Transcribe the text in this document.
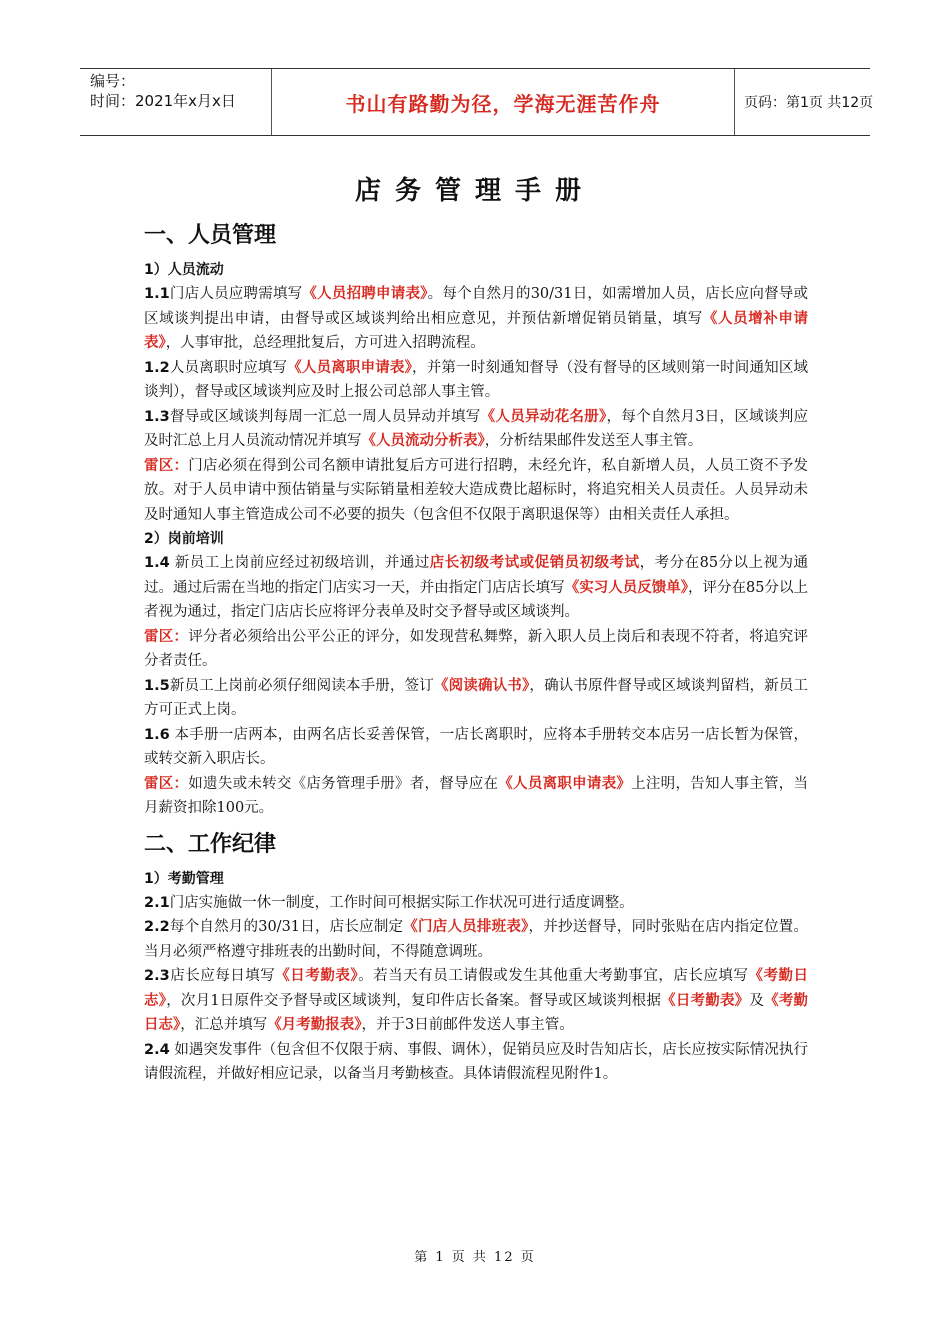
编号：
时间：2021年x月x日	书山有路勤为径，学海无涯苦作舟	页码：第1页 共12页
店务管理手册
一、人员管理
1）人员流动

1.1门店人员应聘需填写《人员招聘申请表》。每个自然月的30/31日，如需增加人员，店长应向督导或区域谈判提出申请，由督导或区域谈判给出相应意见，并预估新增促销员销量，填写《人员增补申请表》，人事审批，总经理批复后，方可进入招聘流程。

1.2人员离职时应填写《人员离职申请表》，并第一时刻通知督导（没有督导的区域则第一时间通知区域谈判），督导或区域谈判应及时上报公司总部人事主管。

1.3督导或区域谈判每周一汇总一周人员异动并填写《人员异动花名册》，每个自然月3日，区域谈判应及时汇总上月人员流动情况并填写《人员流动分析表》，分析结果邮件发送至人事主管。

雷区：门店必须在得到公司名额申请批复后方可进行招聘，未经允许，私自新增人员，人员工资不予发放。对于人员申请中预估销量与实际销量相差较大造成费比超标时，将追究相关人员责任。人员异动未及时通知人事主管造成公司不必要的损失（包含但不仅限于离职退保等）由相关责任人承担。

2）岗前培训

1.4 新员工上岗前应经过初级培训，并通过店长初级考试或促销员初级考试，考分在85分以上视为通过。通过后需在当地的指定门店实习一天，并由指定门店店长填写《实习人员反馈单》，评分在85分以上者视为通过，指定门店店长应将评分表单及时交予督导或区域谈判。

雷区：评分者必须给出公平公正的评分，如发现营私舞弊，新入职人员上岗后和表现不符者，将追究评分者责任。

1.5新员工上岗前必须仔细阅读本手册，签订《阅读确认书》，确认书原件督导或区域谈判留档，新员工方可正式上岗。

1.6 本手册一店两本，由两名店长妥善保管，一店长离职时，应将本手册转交本店另一店长暂为保管，或转交新入职店长。

雷区：如遗失或未转交《店务管理手册》者，督导应在《人员离职申请表》上注明，告知人事主管，当月薪资扣除100元。

二、工作纪律
1）考勤管理

2.1门店实施做一休一制度，工作时间可根据实际工作状况可进行适度调整。

2.2每个自然月的30/31日，店长应制定《门店人员排班表》，并抄送督导，同时张贴在店内指定位置。当月必须严格遵守排班表的出勤时间，不得随意调班。

2.3店长应每日填写《日考勤表》。若当天有员工请假或发生其他重大考勤事宜，店长应填写《考勤日志》，次月1日原件交予督导或区域谈判，复印件店长备案。督导或区域谈判根据《日考勤表》及《考勤日志》，汇总并填写《月考勤报表》，并于3日前邮件发送人事主管。

2.4 如遇突发事件（包含但不仅限于病、事假、调休），促销员应及时告知店长，店长应按实际情况执行请假流程，并做好相应记录，以备当月考勤核查。具体请假流程见附件1。

第 1 页 共 12 页
